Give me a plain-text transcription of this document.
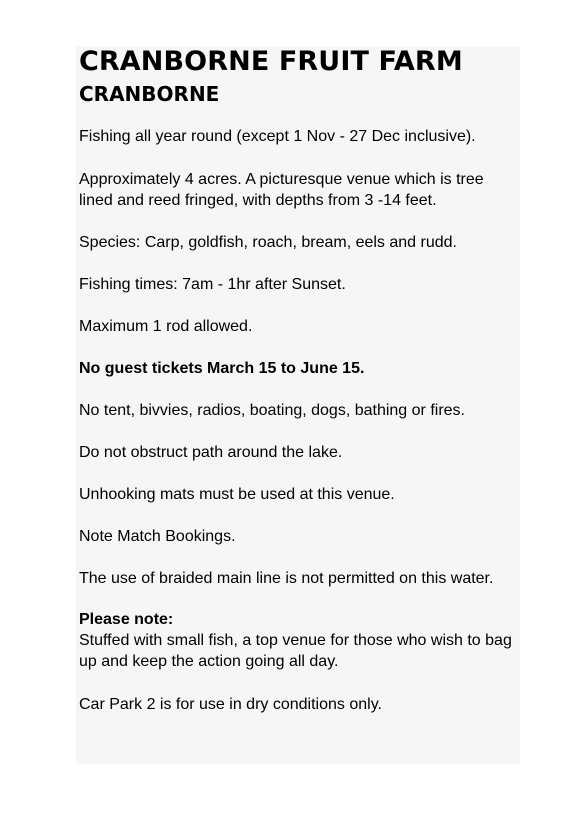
CRANBORNE FRUIT FARM
CRANBORNE
Fishing all year round (except 1 Nov - 27 Dec inclusive).
Approximately 4 acres. A picturesque venue which is tree lined and reed fringed, with depths from 3 -14 feet.
Species: Carp, goldfish, roach, bream, eels and rudd.
Fishing times: 7am - 1hr after Sunset.
Maximum 1 rod allowed.
No guest tickets March 15 to June 15.
No tent, bivvies, radios, boating, dogs, bathing or fires.
Do not obstruct path around the lake.
Unhooking mats must be used at this venue.
Note Match Bookings.
The use of braided main line is not permitted on this water.
Please note:
Stuffed with small fish, a top venue for those who wish to bag up and keep the action going all day.
Car Park 2 is for use in dry conditions only.
